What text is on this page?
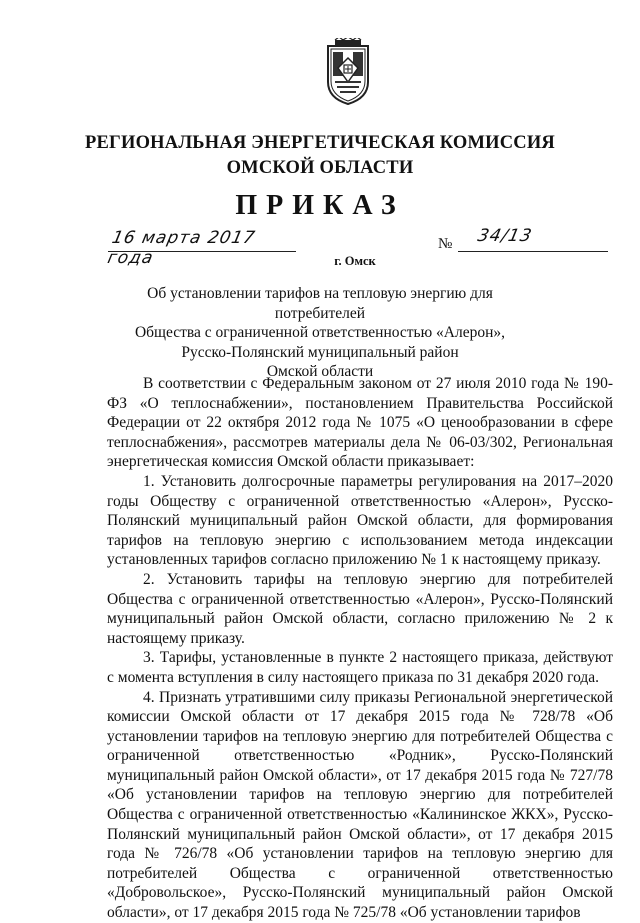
РЕГИОНАЛЬНАЯ ЭНЕРГЕТИЧЕСКАЯ КОМИССИЯ
ОМСКОЙ ОБЛАСТИ
ПРИКАЗ
16 марта 2017 года
№ 34/13
г. Омск
Об установлении тарифов на тепловую энергию для потребителей
Общества с ограниченной ответственностью «Алерон»,
Русско-Полянский муниципальный район
Омской области

В соответствии с Федеральным законом от 27 июля 2010 года № 190-ФЗ «О теплоснабжении», постановлением Правительства Российской Федерации от 22 октября 2012 года № 1075 «О ценообразовании в сфере теплоснабжения», рассмотрев материалы дела № 06-03/302, Региональная энергетическая комиссия Омской области приказывает:

1. Установить долгосрочные параметры регулирования на 2017–2020 годы Обществу с ограниченной ответственностью «Алерон», Русско-Полянский муниципальный район Омской области, для формирования тарифов на тепловую энергию с использованием метода индексации установленных тарифов согласно приложению № 1 к настоящему приказу.

2. Установить тарифы на тепловую энергию для потребителей Общества с ограниченной ответственностью «Алерон», Русско-Полянский муниципальный район Омской области, согласно приложению № 2 к настоящему приказу.

3. Тарифы, установленные в пункте 2 настоящего приказа, действуют с момента вступления в силу настоящего приказа по 31 декабря 2020 года.

4. Признать утратившими силу приказы Региональной энергетической комиссии Омской области от 17 декабря 2015 года № 728/78 «Об установлении тарифов на тепловую энергию для потребителей Общества с ограниченной ответственностью «Родник», Русско-Полянский муниципальный район Омской области», от 17 декабря 2015 года № 727/78 «Об установлении тарифов на тепловую энергию для потребителей Общества с ограниченной ответственностью «Калининское ЖКХ», Русско-Полянский муниципальный район Омской области», от 17 декабря 2015 года № 726/78 «Об установлении тарифов на тепловую энергию для потребителей Общества с ограниченной ответственностью «Добровольское», Русско-Полянский муниципальный район Омской области», от 17 декабря 2015 года № 725/78 «Об установлении тарифов
